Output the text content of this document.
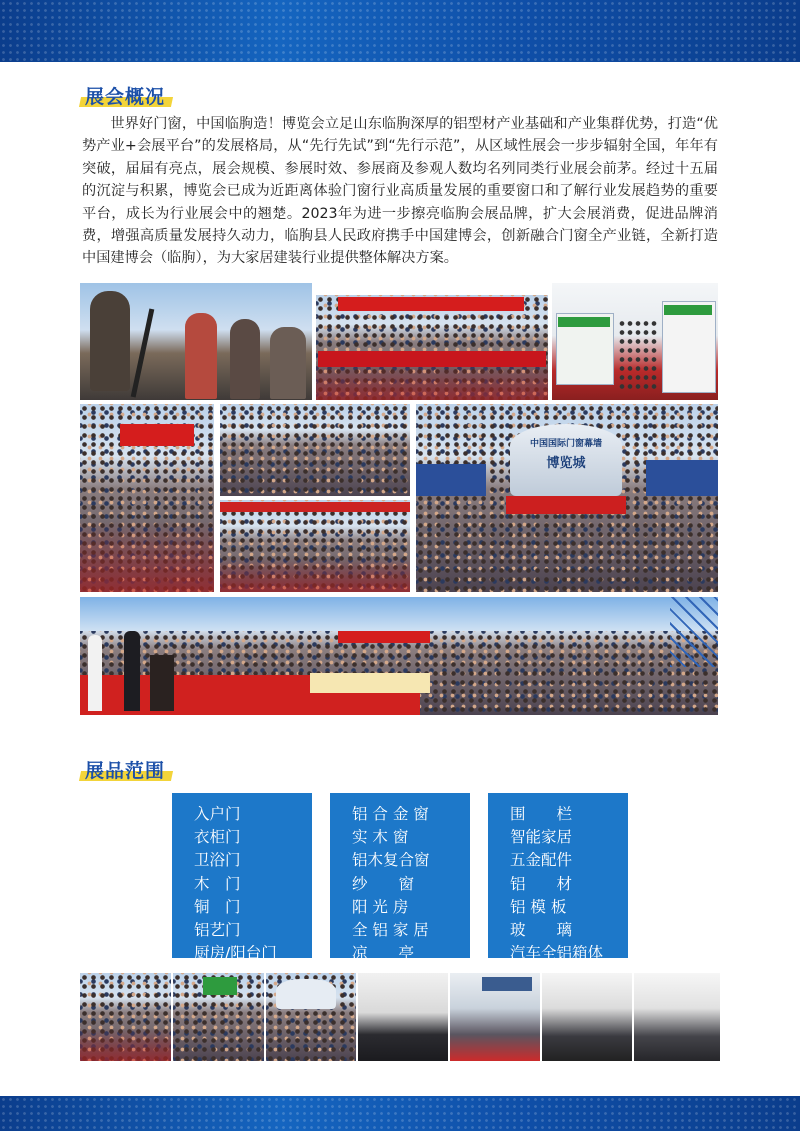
展会概况

世界好门窗，中国临朐造！博览会立足山东临朐深厚的铝型材产业基础和产业集群优势，打造“优势产业+会展平台”的发展格局，从“先行先试”到“先行示范”，从区域性展会一步步辐射全国，年年有突破，届届有亮点，展会规模、参展时效、参展商及参观人数均名列同类行业展会前茅。经过十五届的沉淀与积累，博览会已成为近距离体验门窗行业高质量发展的重要窗口和了解行业发展趋势的重要平台，成长为行业展会中的翘楚。2023年为进一步擦亮临朐会展品牌，扩大会展消费，促进品牌消费，增强高质量发展持久动力，临朐县人民政府携手中国建博会，创新融合门窗全产业链，全新打造中国建博会（临朐），为大家居建装行业提供整体解决方案。

中国国际门窗幕墙
博览城
展品范围
入户门
衣柜门
卫浴门
木　门
铜　门
铝艺门
厨房/阳台门
铝 合 金 窗
实 木 窗
铝木复合窗
纱　　窗
阳 光 房
全 铝 家 居
凉　　亭
围　　栏
智能家居
五金配件
铝　　材
铝 模 板
玻　　璃
汽车全铝箱体
